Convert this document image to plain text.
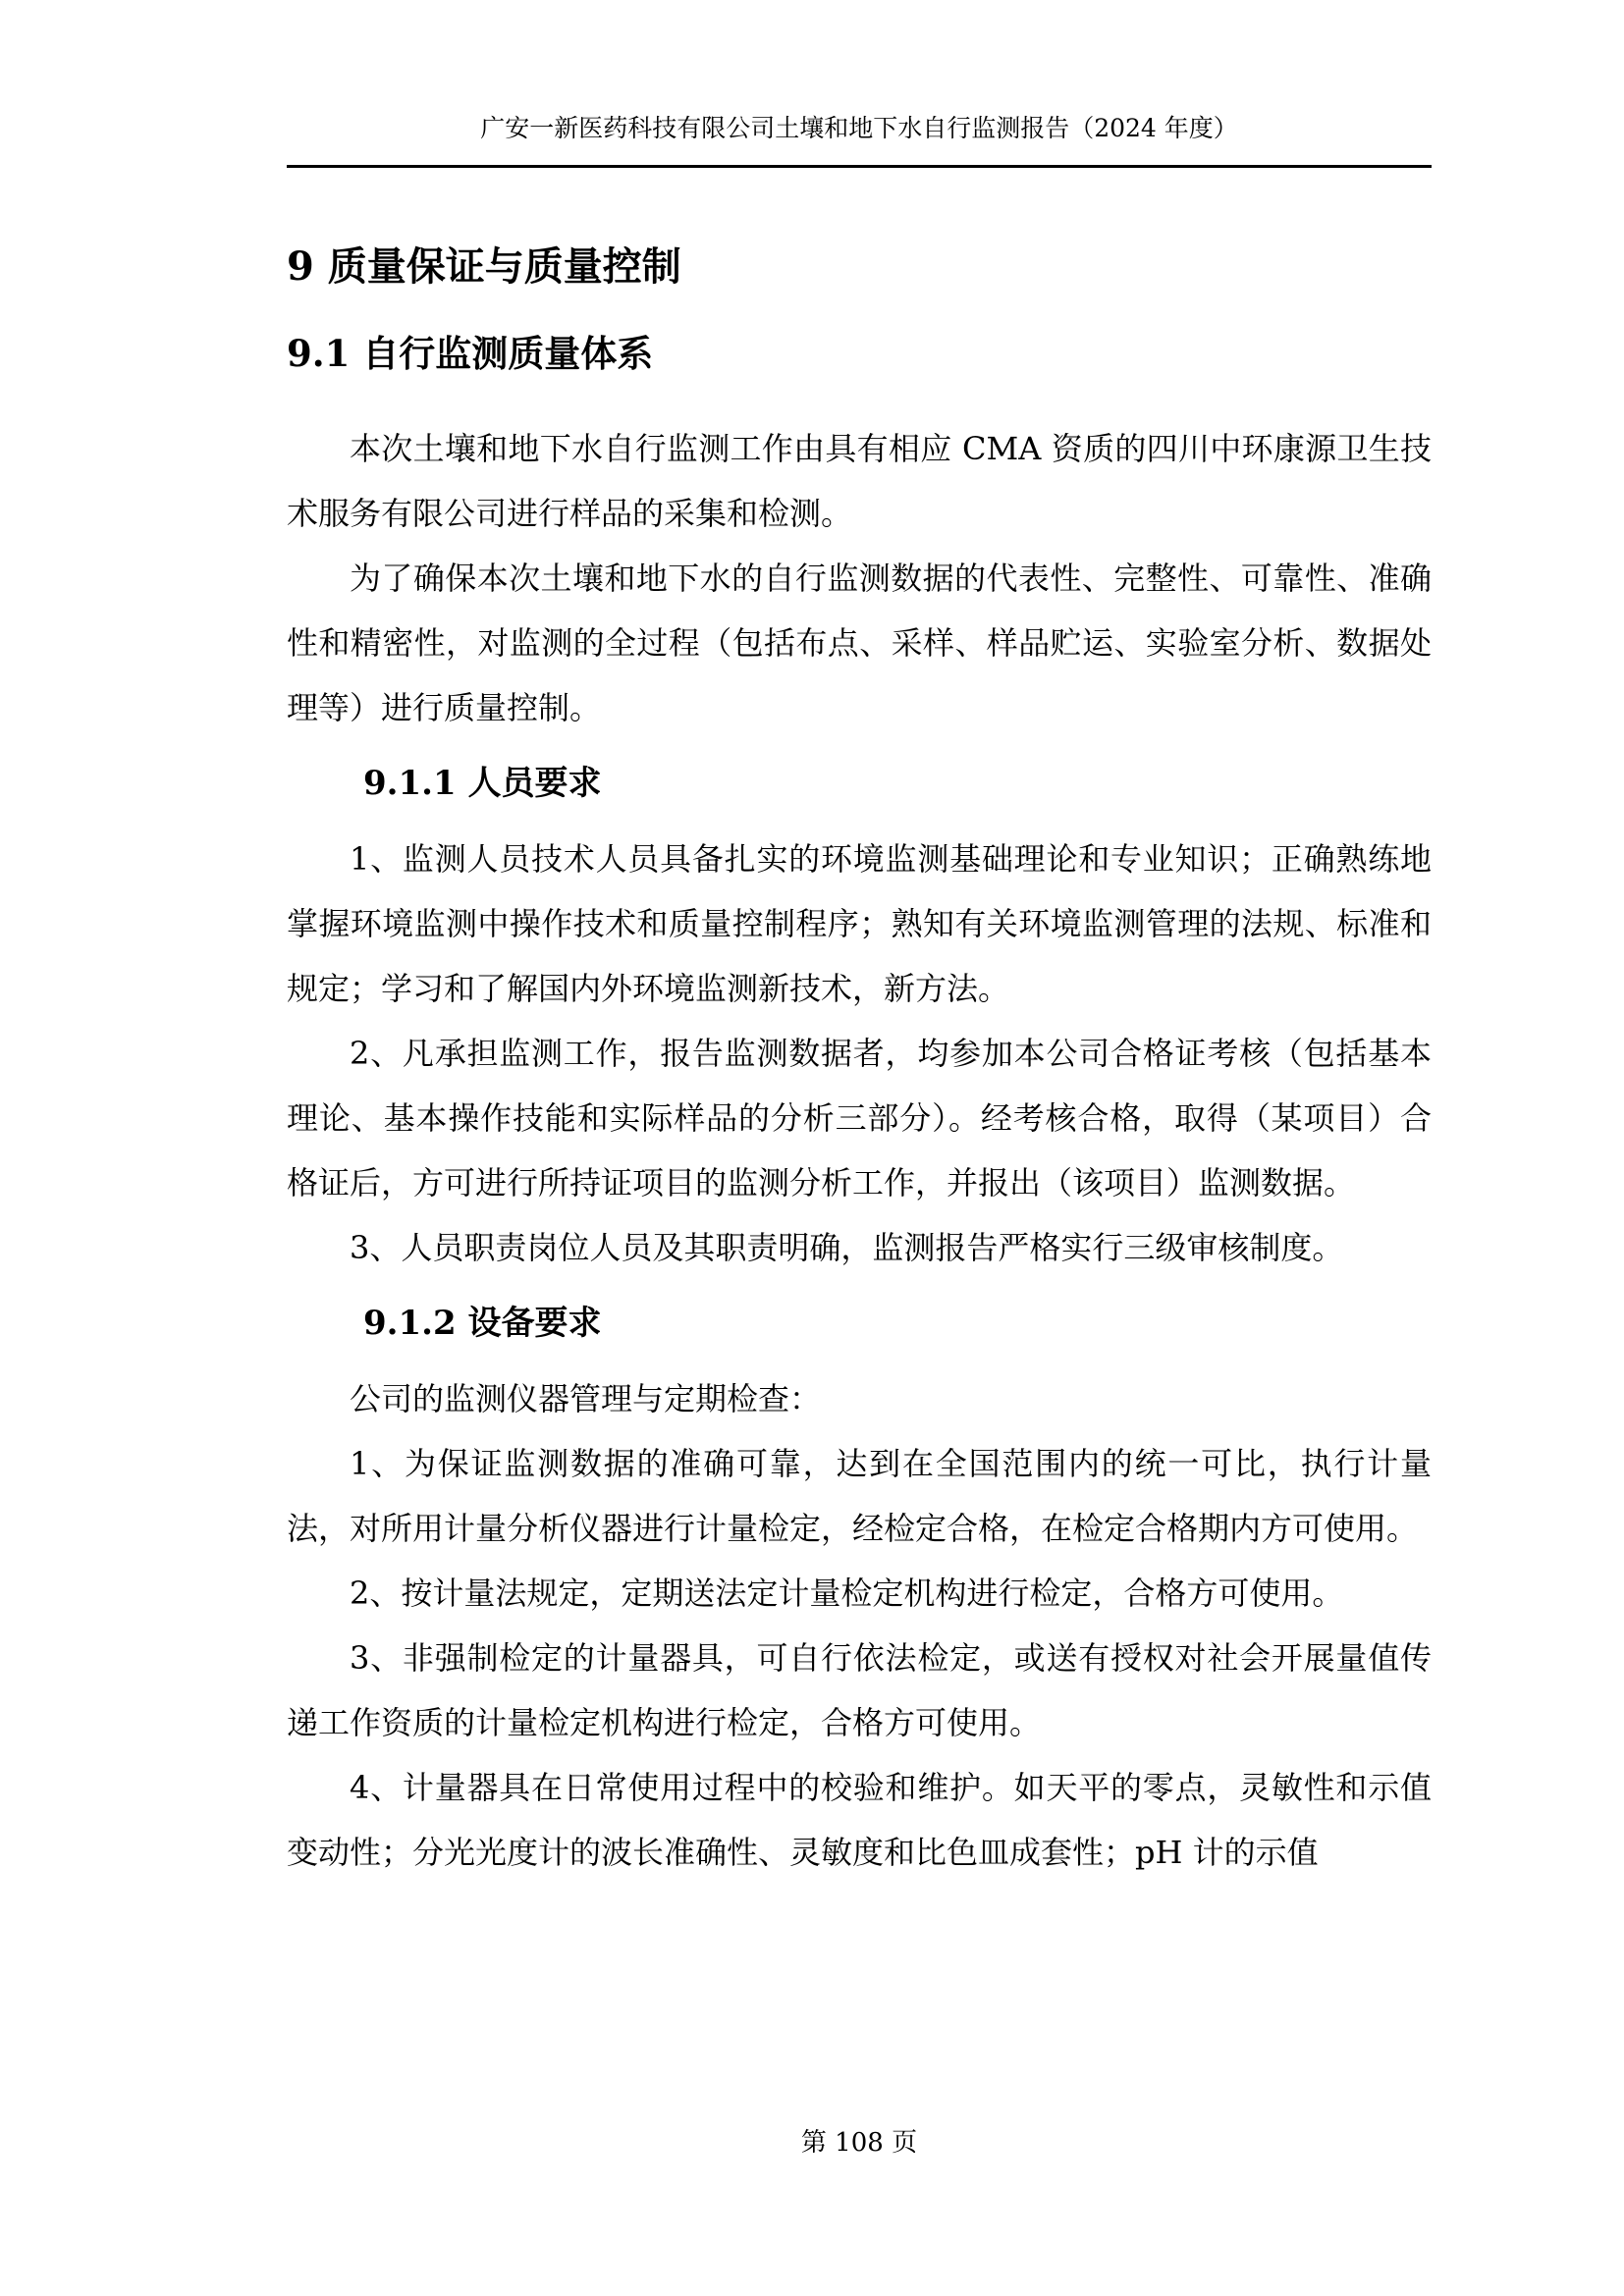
广安一新医药科技有限公司土壤和地下水自行监测报告（2024 年度）
9 质量保证与质量控制
9.1 自行监测质量体系

本次土壤和地下水自行监测工作由具有相应 CMA 资质的四川中环康源卫生技术服务有限公司进行样品的采集和检测。

为了确保本次土壤和地下水的自行监测数据的代表性、完整性、可靠性、准确性和精密性，对监测的全过程（包括布点、采样、样品贮运、实验室分析、数据处理等）进行质量控制。

9.1.1 人员要求

1、监测人员技术人员具备扎实的环境监测基础理论和专业知识；正确熟练地掌握环境监测中操作技术和质量控制程序；熟知有关环境监测管理的法规、标准和规定；学习和了解国内外环境监测新技术，新方法。

2、凡承担监测工作，报告监测数据者，均参加本公司合格证考核（包括基本理论、基本操作技能和实际样品的分析三部分）。经考核合格，取得（某项目）合格证后，方可进行所持证项目的监测分析工作，并报出（该项目）监测数据。

3、人员职责岗位人员及其职责明确，监测报告严格实行三级审核制度。

9.1.2 设备要求

公司的监测仪器管理与定期检查：

1、为保证监测数据的准确可靠，达到在全国范围内的统一可比，执行计量法，对所用计量分析仪器进行计量检定，经检定合格，在检定合格期内方可使用。

2、按计量法规定，定期送法定计量检定机构进行检定，合格方可使用。

3、非强制检定的计量器具，可自行依法检定，或送有授权对社会开展量值传递工作资质的计量检定机构进行检定，合格方可使用。

4、计量器具在日常使用过程中的校验和维护。如天平的零点，灵敏性和示值变动性；分光光度计的波长准确性、灵敏度和比色皿成套性；pH 计的示值

第 108 页
